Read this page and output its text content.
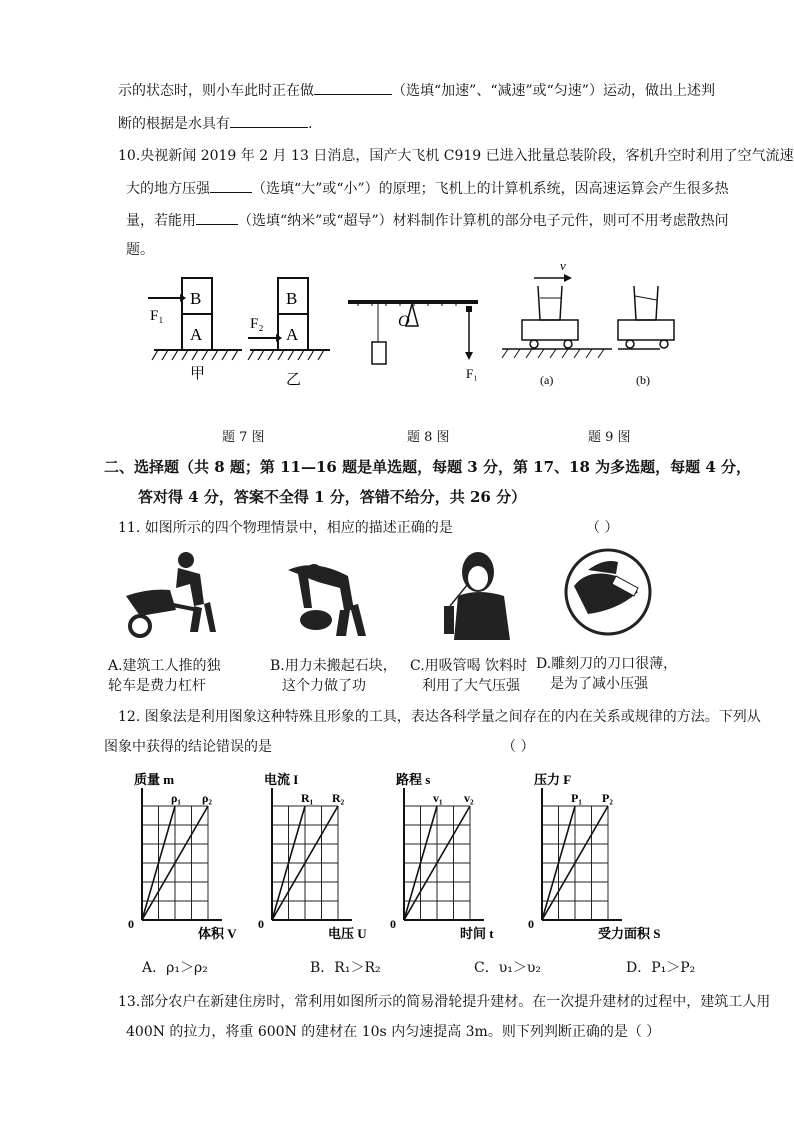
示的状态时，则小车此时正在做	（选填“加速”、“减速”或“匀速”）运动，做出上述判
断的根据是水具有	.
10.央视新闻 2019 年 2 月 13 日消息，国产大飞机 C919 已进入批量总装阶段，客机升空时利用了空气流速
大的地方压强	（选填“大”或“小”）的原理；飞机上的计算机系统，因高速运算会产生很多热
量，若能用	（选填“纳米”或“超导”）材料制作计算机的部分电子元件，则可不用考虑散热问
题。
B
A
F₁
甲
B
A
F₂
乙
O
F₁
v
(a)	(b)
题 7 图	题 8 图	题 9 图
二、选择题（共 8 题；第 11—16 题是单选题，每题 3 分，第 17、18 为多选题，每题 4 分，
答对得 4 分，答案不全得 1 分，答错不给分，共 26 分）
11. 如图所示的四个物理情景中，相应的描述正确的是	（ ）
A.建筑工人推的独
轮车是费力杠杆
B.用力未搬起石块，
这个力做了功
C.用吸管喝 饮料时
利用了大气压强
D.雕刻刀的刀口很薄，
是为了减小压强
12. 图象法是利用图象这种特殊且形象的工具，表达各科学量之间存在的内在关系或规律的方法。下列从
图象中获得的结论错误的是	（ ）
质量 m
体积 V
ρ₁ ρ₂
0
电流 I
电压 U
R₁ R₂
0
路程 s
时间 t
v₁ v₂
0
压力 F
受力面积 S
P₁ P₂
0
A．ρ₁＞ρ₂	B．R₁＞R₂	C．υ₁＞υ₂	D．P₁＞P₂
13.部分农户在新建住房时，常利用如图所示的简易滑轮提升建材。在一次提升建材的过程中，建筑工人用
400N 的拉力，将重 600N 的建材在 10s 内匀速提高 3m。则下列判断正确的是（ ）
